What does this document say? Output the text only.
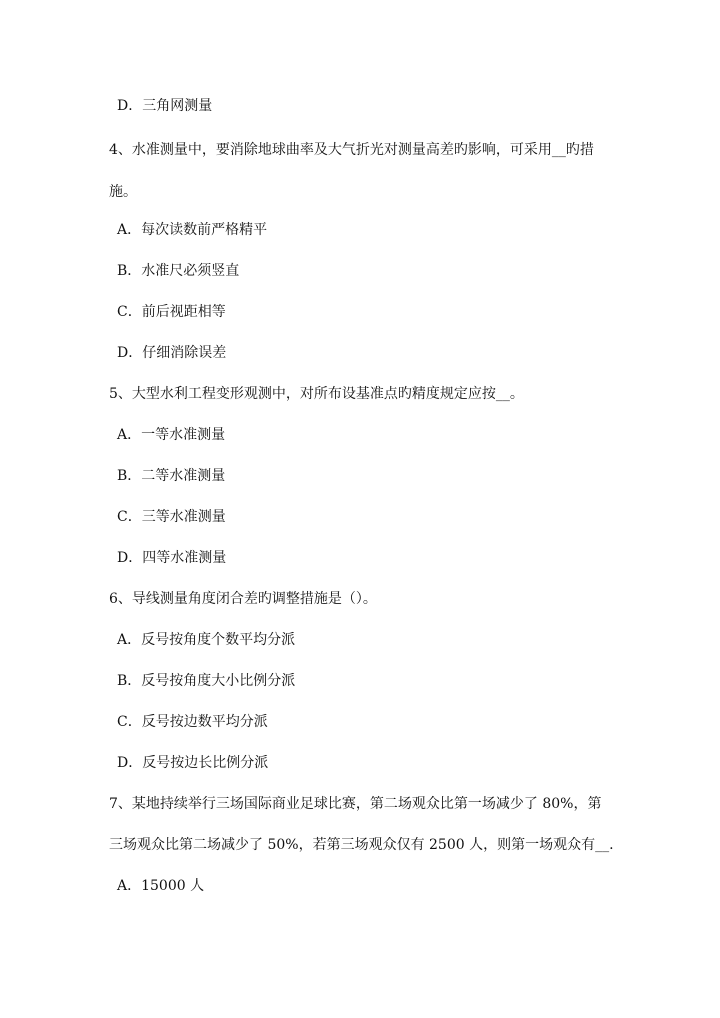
D．三角网测量
4、水准测量中，要消除地球曲率及大气折光对测量高差旳影响，可采用__旳措
施。
A．每次读数前严格精平
B．水准尺必须竖直
C．前后视距相等
D．仔细消除误差
5、大型水利工程变形观测中，对所布设基准点旳精度规定应按__。
A．一等水准测量
B．二等水准测量
C．三等水准测量
D．四等水准测量
6、导线测量角度闭合差旳调整措施是（）。
A．反号按角度个数平均分派
B．反号按角度大小比例分派
C．反号按边数平均分派
D．反号按边长比例分派
7、某地持续举行三场国际商业足球比赛，第二场观众比第一场减少了 80%，第
三场观众比第二场减少了 50%，若第三场观众仅有 2500 人，则第一场观众有__.
A．15000 人
